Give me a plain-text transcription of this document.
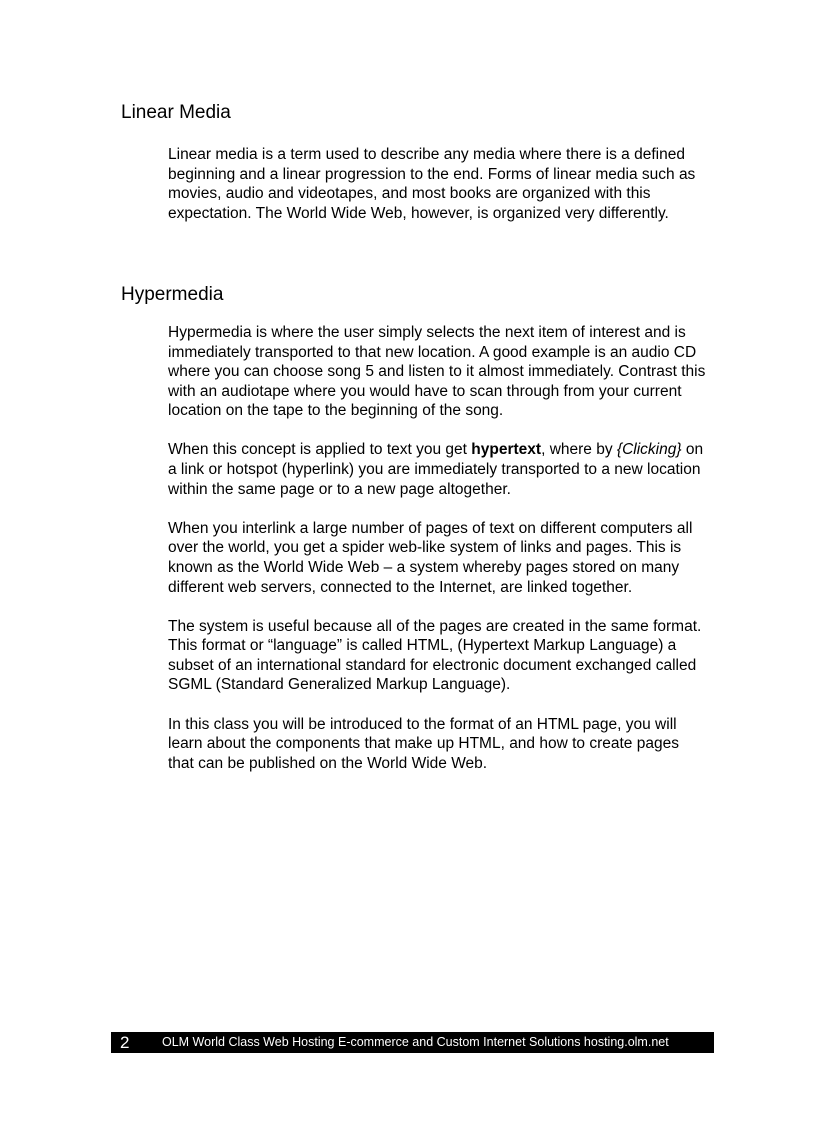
Linear Media

Linear media is a term used to describe any media where there is a defined beginning and a linear progression to the end. Forms of linear media such as movies, audio and videotapes, and most books are organized with this expectation. The World Wide Web, however, is organized very differently.

Hypermedia

Hypermedia is where the user simply selects the next item of interest and is immediately transported to that new location. A good example is an audio CD where you can choose song 5 and listen to it almost immediately. Contrast this with an audiotape where you would have to scan through from your current location on the tape to the beginning of the song.

When this concept is applied to text you get hypertext, where by {Clicking} on a link or hotspot (hyperlink) you are immediately transported to a new location within the same page or to a new page altogether.

When you interlink a large number of pages of text on different computers all over the world, you get a spider web-like system of links and pages. This is known as the World Wide Web – a system whereby pages stored on many different web servers, connected to the Internet, are linked together.

The system is useful because all of the pages are created in the same format. This format or “language” is called HTML, (Hypertext Markup Language) a subset of an international standard for electronic document exchanged called SGML (Standard Generalized Markup Language).

In this class you will be introduced to the format of an HTML page, you will learn about the components that make up HTML, and how to create pages that can be published on the World Wide Web.

2	OLM World Class Web Hosting E-commerce and Custom Internet Solutions hosting.olm.net
